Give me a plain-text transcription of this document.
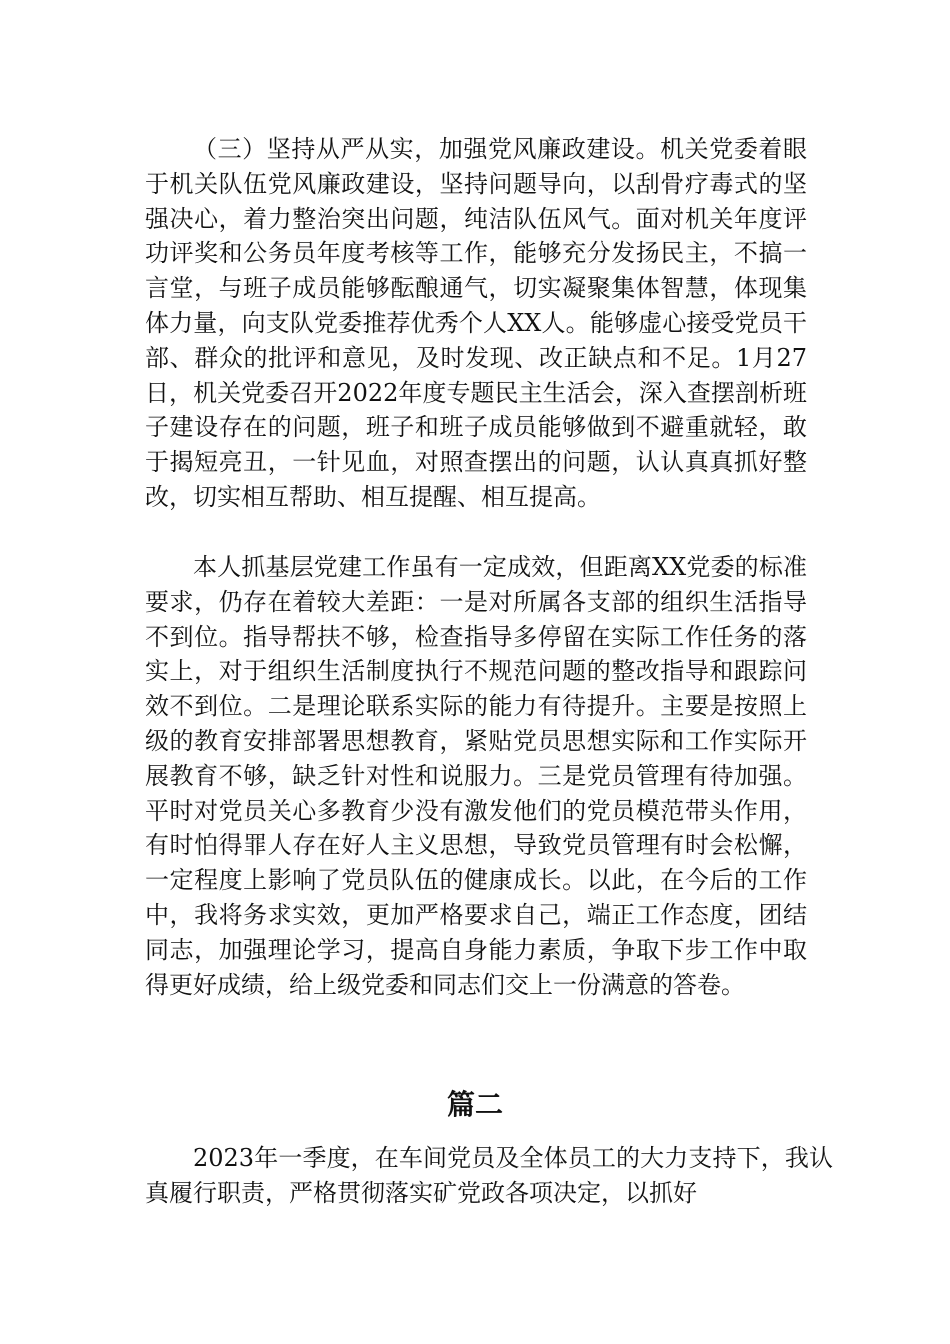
（三）坚持从严从实，加强党风廉政建设。机关党委着眼于机关队伍党风廉政建设，坚持问题导向，以刮骨疗毒式的坚强决心，着力整治突出问题，纯洁队伍风气。面对机关年度评功评奖和公务员年度考核等工作，能够充分发扬民主，不搞一言堂，与班子成员能够酝酿通气，切实凝聚集体智慧，体现集体力量，向支队党委推荐优秀个人XX人。能够虚心接受党员干部、群众的批评和意见，及时发现、改正缺点和不足。1月27日，机关党委召开2022年度专题民主生活会，深入查摆剖析班子建设存在的问题，班子和班子成员能够做到不避重就轻，敢于揭短亮丑，一针见血，对照查摆出的问题，认认真真抓好整改，切实相互帮助、相互提醒、相互提高。

本人抓基层党建工作虽有一定成效，但距离XX党委的标准要求，仍存在着较大差距：一是对所属各支部的组织生活指导不到位。指导帮扶不够，检查指导多停留在实际工作任务的落实上，对于组织生活制度执行不规范问题的整改指导和跟踪问效不到位。二是理论联系实际的能力有待提升。主要是按照上级的教育安排部署思想教育，紧贴党员思想实际和工作实际开展教育不够，缺乏针对性和说服力。三是党员管理有待加强。平时对党员关心多教育少没有激发他们的党员模范带头作用，有时怕得罪人存在好人主义思想，导致党员管理有时会松懈，一定程度上影响了党员队伍的健康成长。以此，在今后的工作中，我将务求实效，更加严格要求自己，端正工作态度，团结同志，加强理论学习，提高自身能力素质，争取下步工作中取得更好成绩，给上级党委和同志们交上一份满意的答卷。

篇二

2023年一季度，在车间党员及全体员工的大力支持下，我认真履行职责，严格贯彻落实矿党政各项决定，以抓好
